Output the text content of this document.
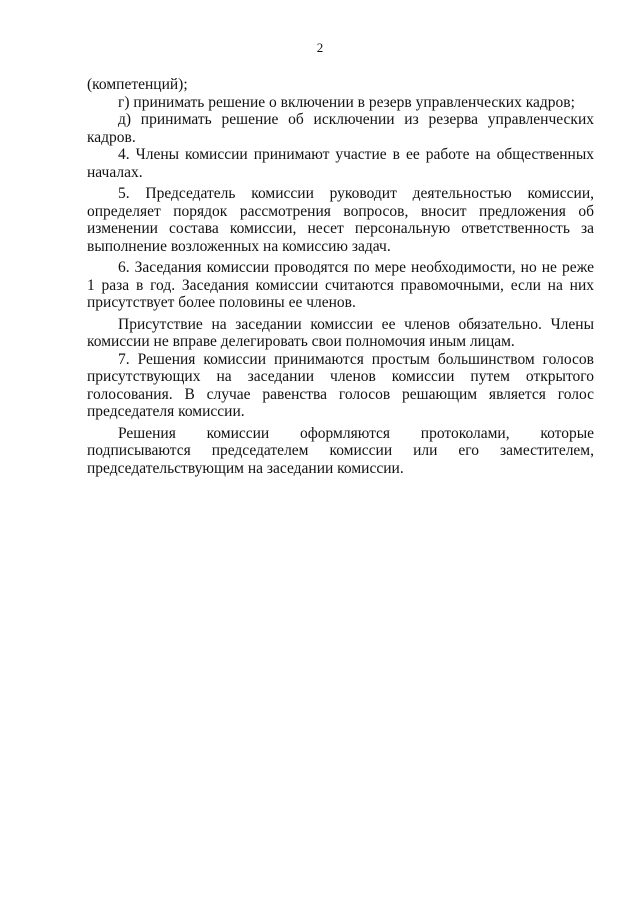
2

(компетенций);

г) принимать решение о включении в резерв управленческих кадров;

д) принимать решение об исключении из резерва управленческих кадров.

4. Члены комиссии принимают участие в ее работе на общественных началах.

5. Председатель комиссии руководит деятельностью комиссии, определяет порядок рассмотрения вопросов, вносит предложения об изменении состава комиссии, несет персональную ответственность за выполнение возложенных на комиссию задач.

6. Заседания комиссии проводятся по мере необходимости, но не реже 1 раза в год. Заседания комиссии считаются правомочными, если на них присутствует более половины ее членов.

Присутствие на заседании комиссии ее членов обязательно. Члены комиссии не вправе делегировать свои полномочия иным лицам.

7. Решения комиссии принимаются простым большинством голосов присутствующих на заседании членов комиссии путем открытого голосования. В случае равенства голосов решающим является голос председателя комиссии.

Решения комиссии оформляются протоколами, которые подписываются председателем комиссии или его заместителем, председательствующим на заседании комиссии.
